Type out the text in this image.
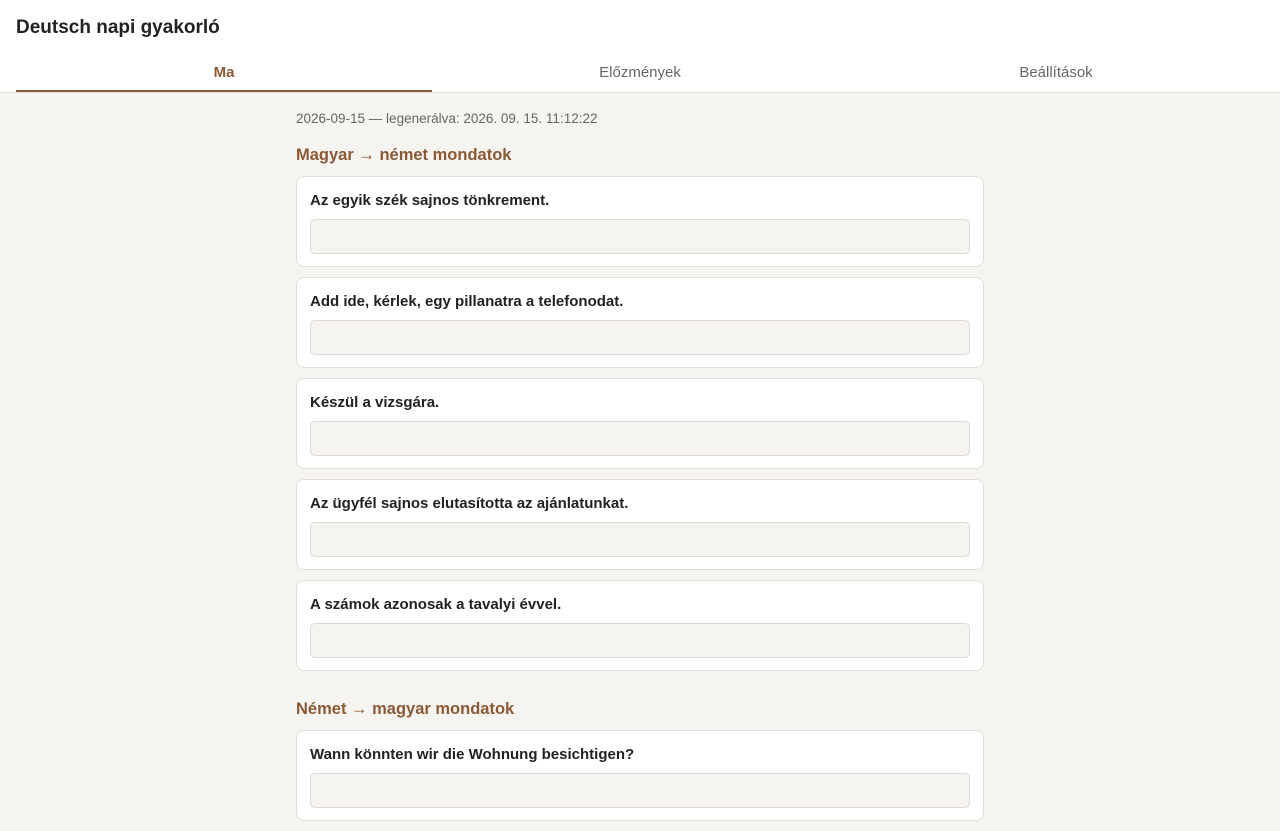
Deutsch napi gyakorló
Ma	Előzmények	Beállítások
2026-09-15 — legenerálva: 2026. 09. 15. 11:12:22
Magyar → német mondatok
Az egyik szék sajnos tönkrement.
Add ide, kérlek, egy pillanatra a telefonodat.
Készül a vizsgára.
Az ügyfél sajnos elutasította az ajánlatunkat.
A számok azonosak a tavalyi évvel.
Német → magyar mondatok
Wann könnten wir die Wohnung besichtigen?
